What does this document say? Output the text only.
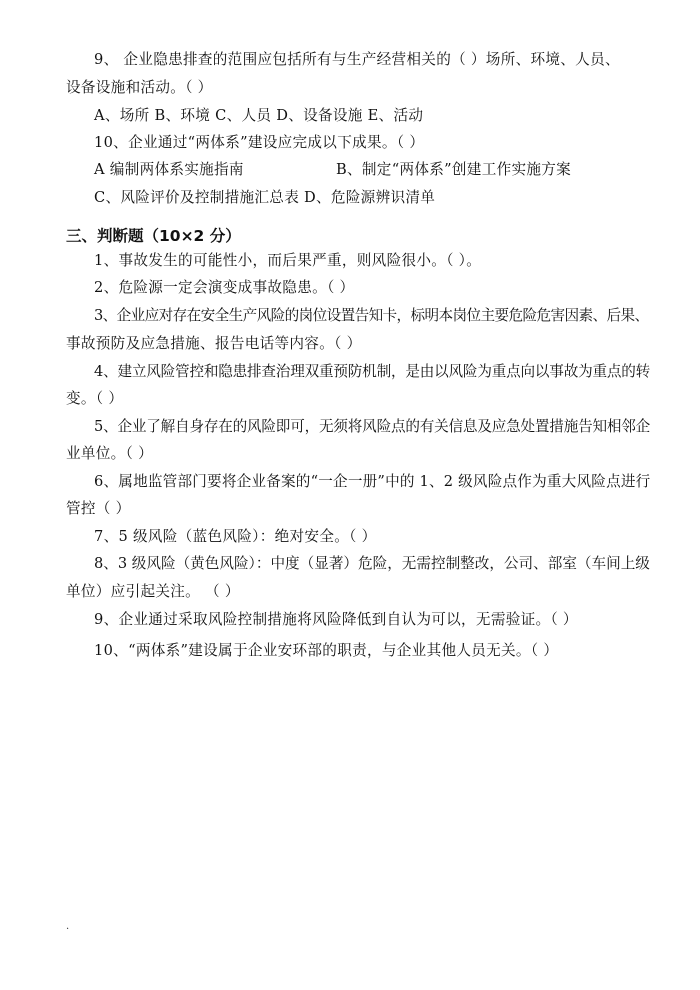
9、 企业隐患排查的范围应包括所有与生产经营相关的（ ）场所、环境、人员、
设备设施和活动。（ ）
A、场所 B、环境 C、人员 D、设备设施 E、活动
10、企业通过“两体系”建设应完成以下成果。（ ）
A 编制两体系实施指南	B、制定“两体系”创建工作实施方案
C、风险评价及控制措施汇总表 D、危险源辨识清单
三、判断题（10×2 分）
1、事故发生的可能性小，而后果严重，则风险很小。（ ）。
2、危险源一定会演变成事故隐患。（ ）
3、企业应对存在安全生产风险的岗位设置告知卡，标明本岗位主要危险危害因素、后果、
事故预防及应急措施、报告电话等内容。（ ）
4、建立风险管控和隐患排查治理双重预防机制，是由以风险为重点向以事故为重点的转
变。（ ）
5、企业了解自身存在的风险即可，无须将风险点的有关信息及应急处置措施告知相邻企
业单位。（ ）
6、属地监管部门要将企业备案的“一企一册”中的 1、2 级风险点作为重大风险点进行
管控（ ）
7、5 级风险（蓝色风险）：绝对安全。（ ）
8、3 级风险（黄色风险）：中度（显著）危险，无需控制整改，公司、部室（车间上级
单位）应引起关注。 （ ）
9、企业通过采取风险控制措施将风险降低到自认为可以，无需验证。（ ）
10、“两体系”建设属于企业安环部的职责，与企业其他人员无关。（ ）
.
